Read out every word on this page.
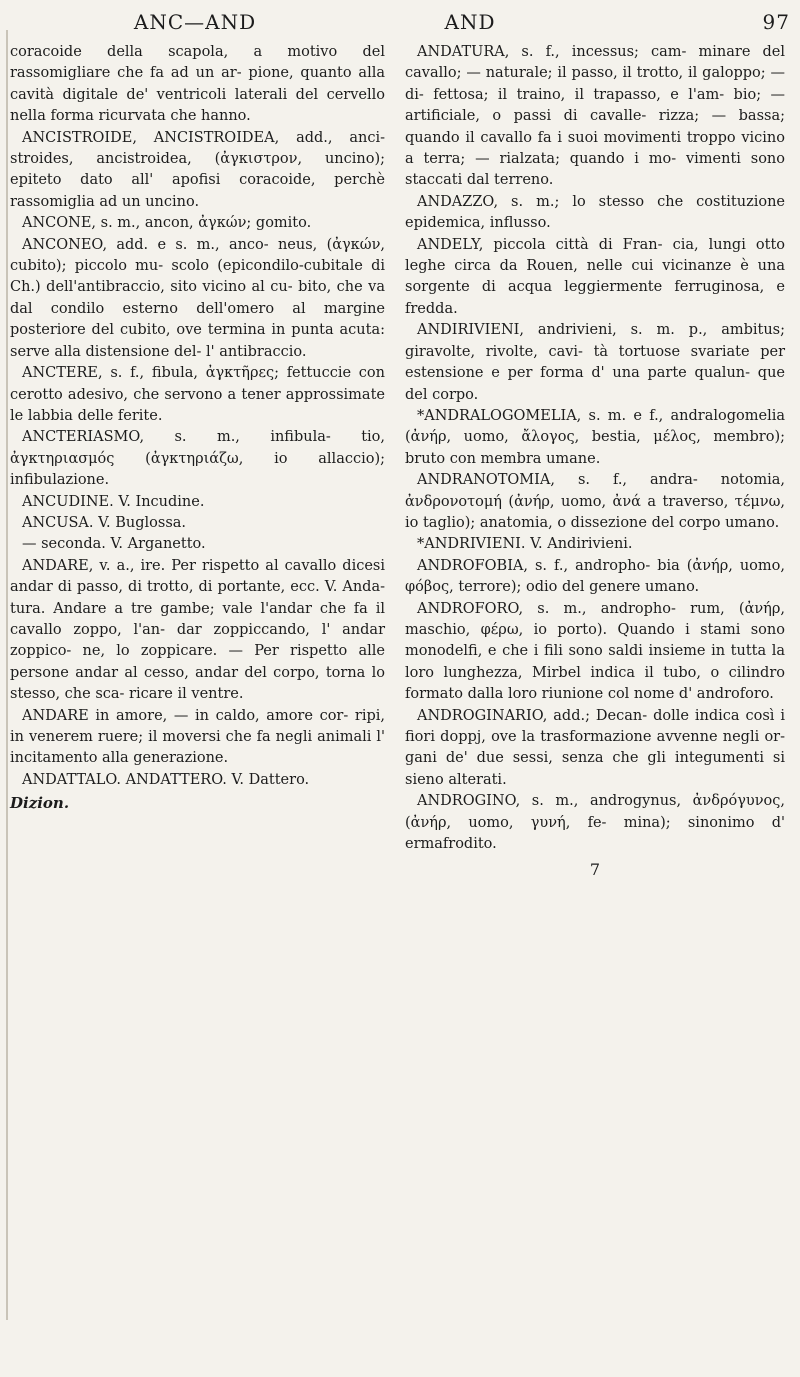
ANC—AND	AND	97

coracoide della scapola, a motivo del rassomigliare che fa ad un ar- pione, quanto alla cavità digitale de' ventricoli laterali del cervello nella forma ricurvata che hanno.

ANCISTROIDE, ANCISTROIDEA, add., anci- stroides, ancistroidea, (ἀγκιστρον, uncino); epiteto dato all' apofisi coracoide, perchè rassomiglia ad un uncino.

ANCONE, s. m., ancon, ἀγκών; gomito.

ANCONEO, add. e s. m., anco- neus, (ἀγκών, cubito); piccolo mu- scolo (epicondilo-cubitale di Ch.) dell'antibraccio, sito vicino al cu- bito, che va dal condilo esterno dell'omero al margine posteriore del cubito, ove termina in punta acuta: serve alla distensione del- l' antibraccio.

ANCTERE, s. f., fibula, ἀγκτῆρες; fettuccie con cerotto adesivo, che servono a tener approssimate le labbia delle ferite.

ANCTERIASMO, s. m., infibula- tio, ἀγκτηριασμός (ἀγκτηριάζω, io allaccio); infibulazione.

ANCUDINE. V. Incudine.

ANCUSA. V. Buglossa.

— seconda. V. Arganetto.

ANDARE, v. a., ire. Per rispetto al cavallo dicesi andar di passo, di trotto, di portante, ecc. V. Anda- tura. Andare a tre gambe; vale l'andar che fa il cavallo zoppo, l'an- dar zoppiccando, l' andar zoppico- ne, lo zoppicare. — Per rispetto alle persone andar al cesso, andar del corpo, torna lo stesso, che sca- ricare il ventre.

ANDARE in amore, — in caldo, amore cor- ripi, in venerem ruere; il moversi che fa negli animali l' incitamento alla generazione.

ANDATTALO. ANDATTERO. V. Dattero.

Dizion.

ANDATURA, s. f., incessus; cam- minare del cavallo; — naturale; il passo, il trotto, il galoppo; — di- fettosa; il traino, il trapasso, e l'am- bio; — artificiale, o passi di cavalle- rizza; — bassa; quando il cavallo fa i suoi movimenti troppo vicino a terra; — rialzata; quando i mo- vimenti sono staccati dal terreno.

ANDAZZO, s. m.; lo stesso che costituzione epidemica, influsso.

ANDELY, piccola città di Fran- cia, lungi otto leghe circa da Rouen, nelle cui vicinanze è una sorgente di acqua leggiermente ferruginosa, e fredda.

ANDIRIVIENI, andrivieni, s. m. p., ambitus; giravolte, rivolte, cavi- tà tortuose svariate per estensione e per forma d' una parte qualun- que del corpo.

*ANDRALOGOMELIA, s. m. e f., andralogomelia (ἀνήρ, uomo, ἄλογος, bestia, μέλος, membro); bruto con membra umane.

ANDRANOTOMIA, s. f., andra- notomia, ἀνδρονοτομή (ἀνήρ, uomo, ἀνά a traverso, τέμνω, io taglio); anatomia, o dissezione del corpo umano.

*ANDRIVIENI. V. Andirivieni.

ANDROFOBIA, s. f., andropho- bia (ἀνήρ, uomo, φόβος, terrore); odio del genere umano.

ANDROFORO, s. m., andropho- rum, (ἀνήρ, maschio, φέρω, io porto). Quando i stami sono monodelfi, e che i fili sono saldi insieme in tutta la loro lunghezza, Mirbel indica il tubo, o cilindro formato dalla loro riunione col nome d' androforo.

ANDROGINARIO, add.; Decan- dolle indica così i fiori doppj, ove la trasformazione avvenne negli or- gani de' due sessi, senza che gli integumenti si sieno alterati.

ANDROGINO, s. m., androgynus, ἀνδρόγυνος, (ἀνήρ, uomo, γυνή, fe- mina); sinonimo d' ermafrodito.

7
